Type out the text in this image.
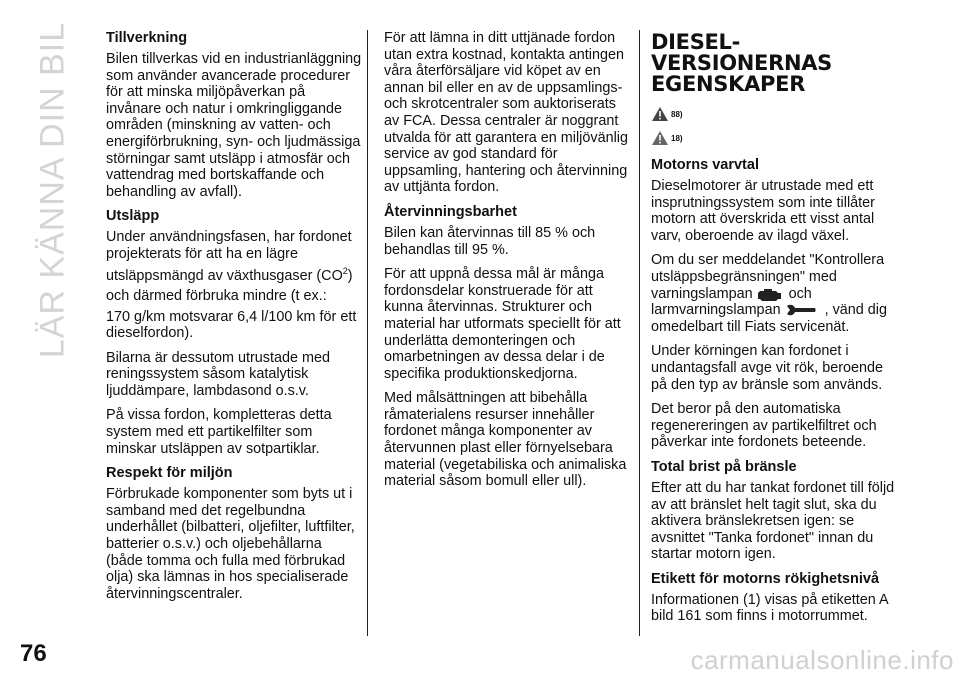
LÄR KÄNNA DIN BIL Tillverkning

Bilen tillverkas vid en industrianläggning som använder avancerade procedurer för att minska miljöpåverkan på invånare och natur i omkringliggande områden (minskning av vatten- och energiförbrukning, syn- och ljudmässiga störningar samt utsläpp i atmosfär och vattendrag med bortskaffande och behandling av avfall).

Utsläpp

Under användningsfasen, har fordonet projekterats för att ha en lägre utsläppsmängd av växthusgaser $(CO^2)$

och därmed förbruka mindre (t ex.:

170 g/km motsvarar 6,4 l/100 km för ett dieselfordon).

Bilarna är dessutom utrustade med reningssystem såsom katalytisk ljuddämpare, lambdasond o.s.v.

På vissa fordon, kompletteras detta system med ett partikelfilter som minskar utsläppen av sotpartiklar.

Respekt för miljön

Förbrukade komponenter som byts ut i samband med det regelbundna underhållet (bilbatteri, oljefilter, luftfilter, batterier o.s.v.) och oljebehållarna (både tomma och fulla med förbrukad olja) ska lämnas in hos specialiserade återvinningscentraler.

För att lämna in ditt uttjänade fordon utan extra kostnad, kontakta antingen våra återförsäljare vid köpet av en annan bil eller en av de uppsamlings- och skrotcentraler som auktoriserats av FCA. Dessa centraler är noggrant utvalda för att garantera en miljövänlig service av god standard för uppsamling, hantering och återvinning av uttjänta fordon.

Återvinningsbarhet

Bilen kan återvinnas till 85 % och behandlas till 95 %.

För att uppnå dessa mål är många fordonsdelar konstruerade för att kunna återvinnas. Strukturer och material har utformats speciellt för att underlätta demonteringen och omarbetningen av dessa delar i de specifika produktionskedjorna.

Med målsättningen att bibehålla råmaterialens resurser innehåller fordonet många komponenter av återvunnen plast eller förnyelsebara material (vegetabiliska och animaliska material såsom bomull eller ull).

DIESEL-
VERSIONERNAS
EGENSKAPER
88)
18)
Motorns varvtal

Dieselmotorer är utrustade med ett insprutningssystem som inte tillåter motorn att överskrida ett visst antal varv, oberoende av ilagd växel.

Om du ser meddelandet "Kontrollera utsläppsbegränsningen" med varningslampan	och larmvarningslampan	, vänd dig omedelbart till Fiats servicenät.

Under körningen kan fordonet i undantagsfall avge vit rök, beroende på den typ av bränsle som används.

Det beror på den automatiska regenereringen av partikelfiltret och påverkar inte fordonets beteende.

Total brist på bränsle

Efter att du har tankat fordonet till följd av att bränslet helt tagit slut, ska du aktivera bränslekretsen igen: se avsnittet "Tanka fordonet" innan du startar motorn igen.

Etikett för motorns rökighetsnivå

Informationen (1) visas på etiketten A bild 161 som finns i motorrummet.

76	carmanualsonline.info
